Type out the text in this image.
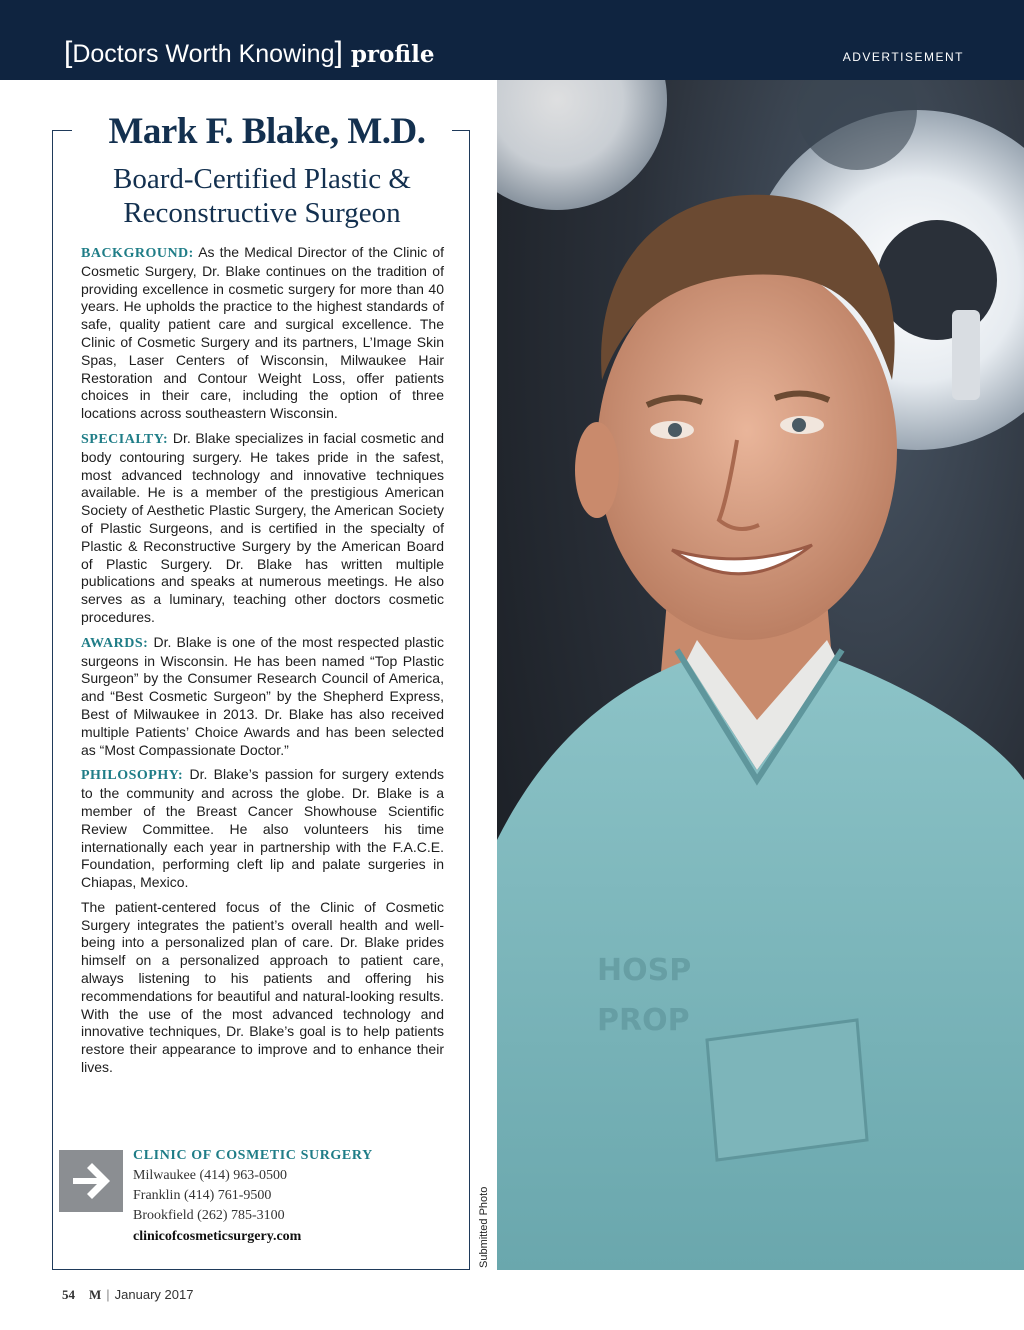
[Doctors Worth Knowing] profile	ADVERTISEMENT
Mark F. Blake, M.D.
Board-Certified Plastic &
Reconstructive Surgeon

BACKGROUND: As the Medical Director of the Clinic of Cosmetic Surgery, Dr. Blake continues on the tradition of providing excellence in cosmetic surgery for more than 40 years. He upholds the practice to the highest standards of safe, quality patient care and surgical excellence. The Clinic of Cosmetic Surgery and its partners, L’Image Skin Spas, Laser Centers of Wisconsin, Milwaukee Hair Restoration and Contour Weight Loss, offer patients choices in their care, including the option of three locations across southeastern Wisconsin.

SPECIALTY: Dr. Blake specializes in facial cosmetic and body contouring surgery. He takes pride in the safest, most advanced technology and innovative techniques available. He is a member of the prestigious American Society of Aesthetic Plastic Surgery, the American Society of Plastic Surgeons, and is certified in the specialty of Plastic & Reconstructive Surgery by the American Board of Plastic Surgery. Dr. Blake has written multiple publications and speaks at numerous meetings. He also serves as a luminary, teaching other doctors cosmetic procedures.

AWARDS: Dr. Blake is one of the most respected plastic surgeons in Wisconsin. He has been named “Top Plastic Surgeon” by the Consumer Research Council of America, and “Best Cosmetic Surgeon” by the Shepherd Express, Best of Milwaukee in 2013. Dr. Blake has also received multiple Patients’ Choice Awards and has been selected as “Most Compassionate Doctor.”

PHILOSOPHY: Dr. Blake’s passion for surgery extends to the community and across the globe. Dr. Blake is a member of the Breast Cancer Showhouse Scientific Review Committee. He also volunteers his time internationally each year in partnership with the F.A.C.E. Foundation, performing cleft lip and palate surgeries in Chiapas, Mexico.

The patient-centered focus of the Clinic of Cosmetic Surgery integrates the patient’s overall health and well-being into a personalized plan of care. Dr. Blake prides himself on a personalized approach to patient care, always listening to his patients and offering his recommendations for beautiful and natural-looking results. With the use of the most advanced technology and innovative techniques, Dr. Blake’s goal is to help patients restore their appearance to improve and to enhance their lives.

CLINIC OF COSMETIC SURGERY
Milwaukee (414) 963-0500
Franklin (414) 761-9500
Brookfield (262) 785-3100
clinicofcosmeticsurgery.com
HOSP
PROP
Submitted Photo
54 M | January 2017
